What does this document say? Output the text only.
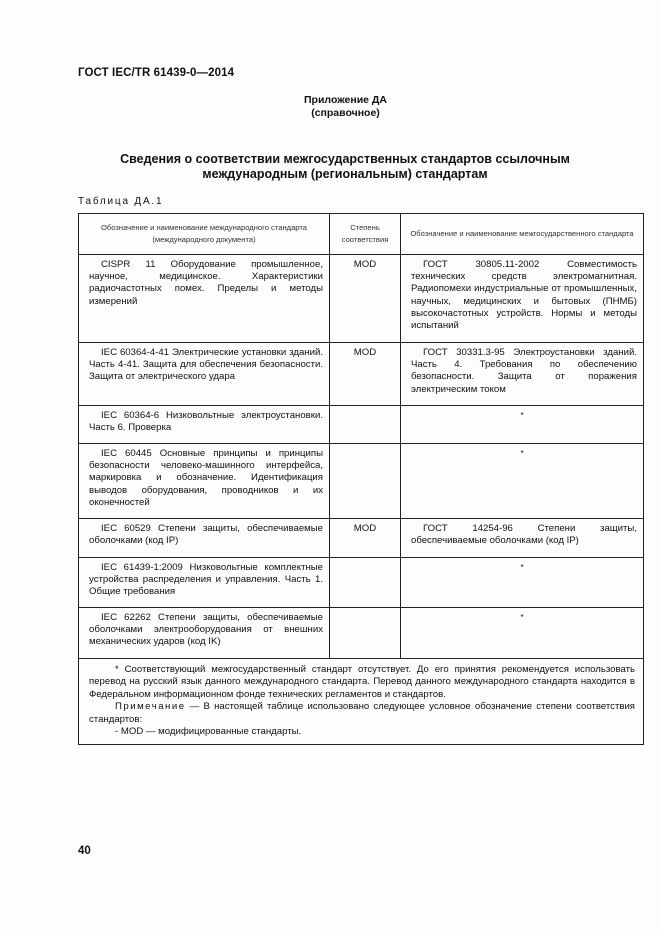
ГОСТ IEC/TR 61439-0—2014
Приложение ДА
(справочное)
Сведения о соответствии межгосударственных стандартов ссылочным
международным (региональным) стандартам
Таблица ДА.1
Обозначение и наименование международного стандарта (международного документа)	Степень соответствия	Обозначение и наименование межгосударственного стандарта

CISPR 11 Оборудование промышленное, научное, медицинское. Характеристики радиочастотных помех. Пределы и методы измерений	MOD	ГОСТ 30805.11-2002 Совместимость технических средств электромагнитная. Радиопомехи индустриальные от промышленных, научных, медицинских и бытовых (ПНМБ) высокочастотных устройств. Нормы и методы испытаний

IEC 60364-4-41 Электрические установки зданий. Часть 4-41. Защита для обеспечения безопасности. Защита от электрического удара	MOD	ГОСТ 30331.3-95 Электроустановки зданий. Часть 4. Требования по обеспечению безопасности. Защита от поражения электрическим током

IEC 60364-6 Низковольтные электроустановки. Часть 6. Проверка		*

IEC 60445 Основные принципы и принципы безопасности человеко-машинного интерфейса, маркировка и обозначение. Идентификация выводов оборудования, проводников и их оконечностей		*

IEC 60529 Степени защиты, обеспечиваемые оболочками (код IP)	MOD	ГОСТ 14254-96 Степени защиты, обеспечиваемые оболочками (код IP)

IEC 61439-1:2009 Низковольтные комплектные устройства распределения и управления. Часть 1. Общие требования		*

IEC 62262 Степени защиты, обеспечиваемые оболочками электрооборудования от внешних механических ударов (код IK)		*

* Соответствующий межгосударственный стандарт отсутствует. До его принятия рекомендуется использовать перевод на русский язык данного международного стандарта. Перевод данного международного стандарта находится в Федеральном информационном фонде технических регламентов и стандартов.
Примечание — В настоящей таблице использовано следующее условное обозначение степени соответствия стандартов:
- MOD — модифицированные стандарты.		
40
